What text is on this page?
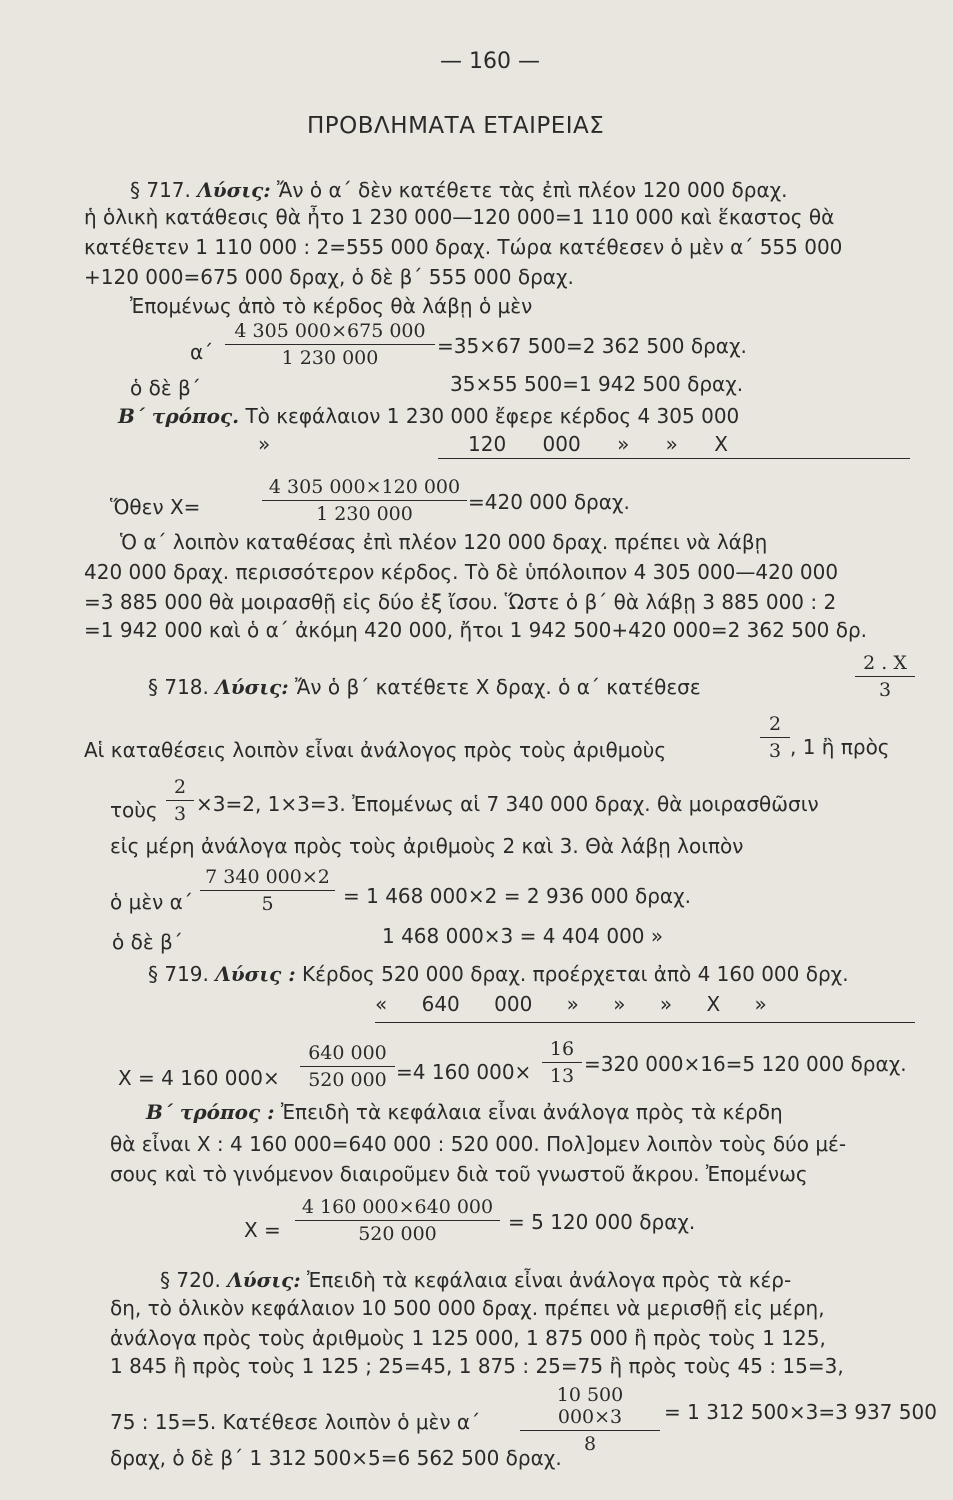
— 160 —
ΠΡΟΒΛΗΜΑΤΑ ΕΤΑΙΡΕΙΑΣ
§ 717. Λύσις: Ἄν ὁ α΄ δὲν κατέθετε τὰς ἐπὶ πλέον 120 000 δραχ.
ἡ ὁλικὴ κατάθεσις θὰ ἦτο 1 230 000—120 000=1 110 000 καὶ ἕκαστος θὰ
κατέθετεν 1 110 000 : 2=555 000 δραχ. Τώρα κατέθεσεν ὁ μὲν α΄ 555 000
+120 000=675 000 δραχ, ὁ δὲ β΄ 555 000 δραχ.
Ἐπομένως ἀπὸ τὸ κέρδος θὰ λάβῃ ὁ μὲν
$\alpha΄ \frac{4 305 000\times 675 000}{1 230 000} =35\times 67$ 500=2 362 500 δραχ.
ὁ δὲ β΄	35×55 500=1 942 500 δραχ.
Β΄ τρόπος. Τὸ κεφάλαιον 1 230 000 ἔφερε κέρδος 4 305 000
»	120 000 » » X
Ὅθεν X=	$\frac{4 305 000\times 120 000}{1 230 000} =420$ 000 δραχ.
Ὁ α΄ λοιπὸν καταθέσας ἐπὶ πλέον 120 000 δραχ. πρέπει νὰ λάβῃ
420 000 δραχ. περισσότερον κέρδος. Τὸ δὲ ὑπόλοιπον 4 305 000—420 000
=3 885 000 θὰ μοιρασθῇ εἰς δύο ἐξ ἴσου. Ὥστε ὁ β΄ θὰ λάβῃ 3 885 000 : 2
=1 942 000 καὶ ὁ α΄ ἀκόμη 420 000, ἤτοι 1 942 500+420 000=2 362 500 δρ.
§ 718. Λύσις: Ἄν ὁ β΄ κατέθετε X δραχ. ὁ α΄ κατέθεσε	$\frac{2 . X}{3}$
Αἱ καταθέσεις λοιπὸν εἶναι ἀνάλογος πρὸς τοὺς ἀριθμοὺς	$\frac{2}{3}$ , 1 ἢ πρὸς
τοὺς $\frac{2}{3} \times 3=2$, 1×3=3. Ἐπομένως αἱ 7 340 000 δραχ. θὰ μοιρασθῶσιν
εἰς μέρη ἀνάλογα πρὸς τοὺς ἀριθμοὺς 2 καὶ 3. Θὰ λάβῃ λοιπὸν
ὁ μὲν $\alpha΄ \frac{7 340 000\times 2}{5} = 1$ 468 000×2 = 2 936 000 δραχ.
ὁ δὲ β΄	1 468 000×3 = 4 404 000 »
§ 719. Λύσις : Κέρδος 520 000 δραχ. προέρχεται ἀπὸ 4 160 000 δρχ.
« 640 000 » » » X »
X = 4 160 $000\times \frac{640 000}{520 000} =4$ 160 $000\times \frac{16}{13} =320$ 000×16=5 120 000 δραχ.
Β΄ τρόπος : Ἐπειδὴ τὰ κεφάλαια εἶναι ἀνάλογα πρὸς τὰ κέρδη
θὰ εἶναι X : 4 160 000=640 000 : 520 000. Πολ]ομεν λοιπὸν τοὺς δύο μέ-
σους καὶ τὸ γινόμενον διαιροῦμεν διὰ τοῦ γνωστοῦ ἄκρου. Ἐπομένως
$X = \frac{4 160 000\times 640 000}{520 000} = 5$ 120 000 δραχ.
§ 720. Λύσις: Ἐπειδὴ τὰ κεφάλαια εἶναι ἀνάλογα πρὸς τὰ κέρ-
δη, τὸ ὁλικὸν κεφάλαιον 10 500 000 δραχ. πρέπει νὰ μερισθῇ εἰς μέρη,
ἀνάλογα πρὸς τοὺς ἀριθμοὺς 1 125 000, 1 875 000 ἢ πρὸς τοὺς 1 125,
1 845 ἢ πρὸς τοὺς 1 125 ; 25=45, 1 875 : 25=75 ἢ πρὸς τοὺς 45 : 15=3,
75 : 15=5. Κατέθεσε λοιπὸν ὁ μὲν $\alpha΄ \frac{10 500 000\times 3}{8} = 1$ 312 500×3=3 937 500
δραχ, ὁ δὲ β΄ 1 312 500×5=6 562 500 δραχ.
